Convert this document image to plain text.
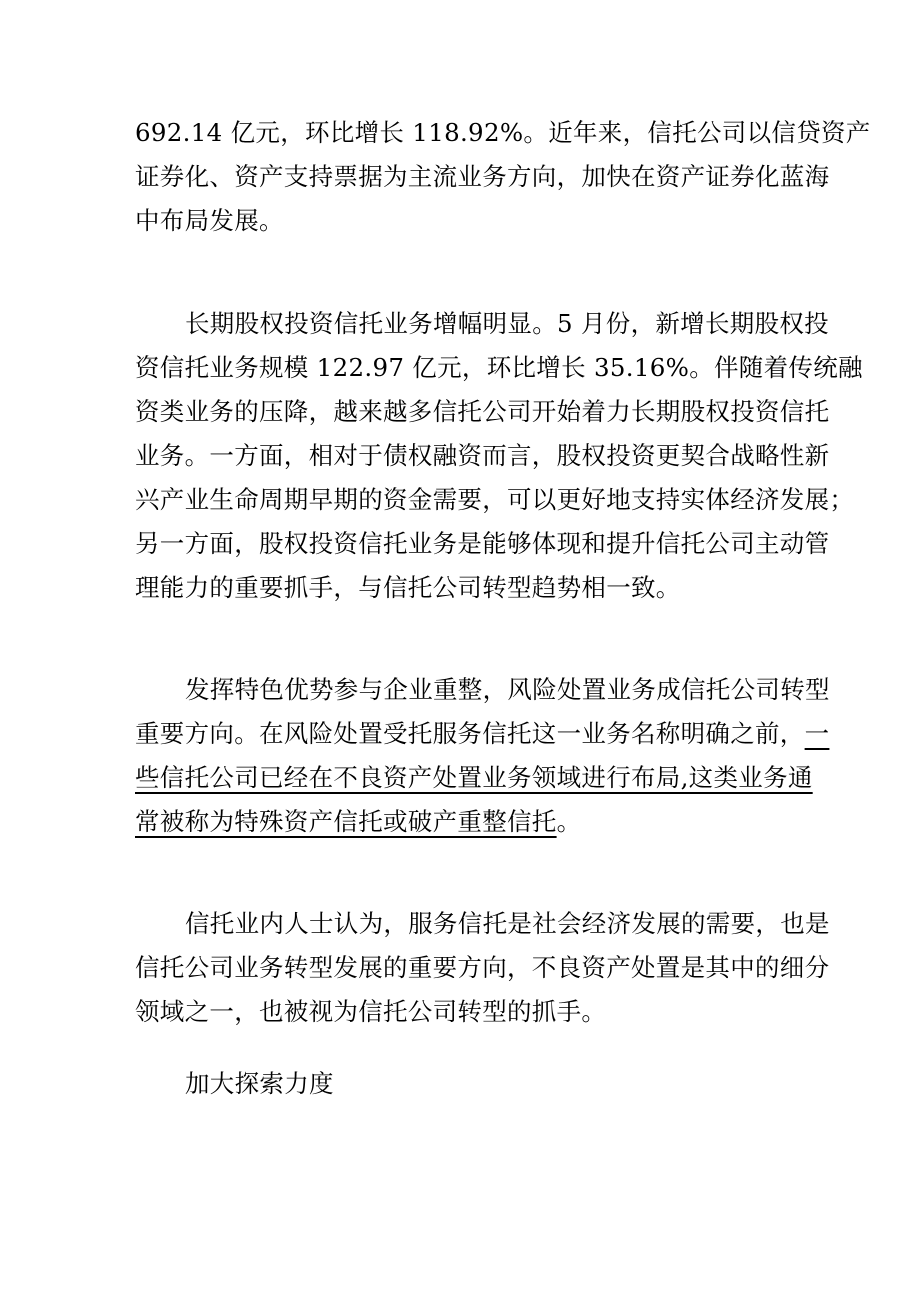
692.14 亿元，环比增长 118.92%。近年来，信托公司以信贷资产
证券化、资产支持票据为主流业务方向，加快在资产证券化蓝海
中布局发展。
长期股权投资信托业务增幅明显。5 月份，新增长期股权投
资信托业务规模 122.97 亿元，环比增长 35.16%。伴随着传统融
资类业务的压降，越来越多信托公司开始着力长期股权投资信托
业务。一方面，相对于债权融资而言，股权投资更契合战略性新
兴产业生命周期早期的资金需要，可以更好地支持实体经济发展；
另一方面，股权投资信托业务是能够体现和提升信托公司主动管
理能力的重要抓手，与信托公司转型趋势相一致。
发挥特色优势参与企业重整，风险处置业务成信托公司转型
重要方向。在风险处置受托服务信托这一业务名称明确之前，一
些信托公司已经在不良资产处置业务领域进行布局,这类业务通
常被称为特殊资产信托或破产重整信托。
信托业内人士认为，服务信托是社会经济发展的需要，也是
信托公司业务转型发展的重要方向，不良资产处置是其中的细分
领域之一，也被视为信托公司转型的抓手。
加大探索力度
